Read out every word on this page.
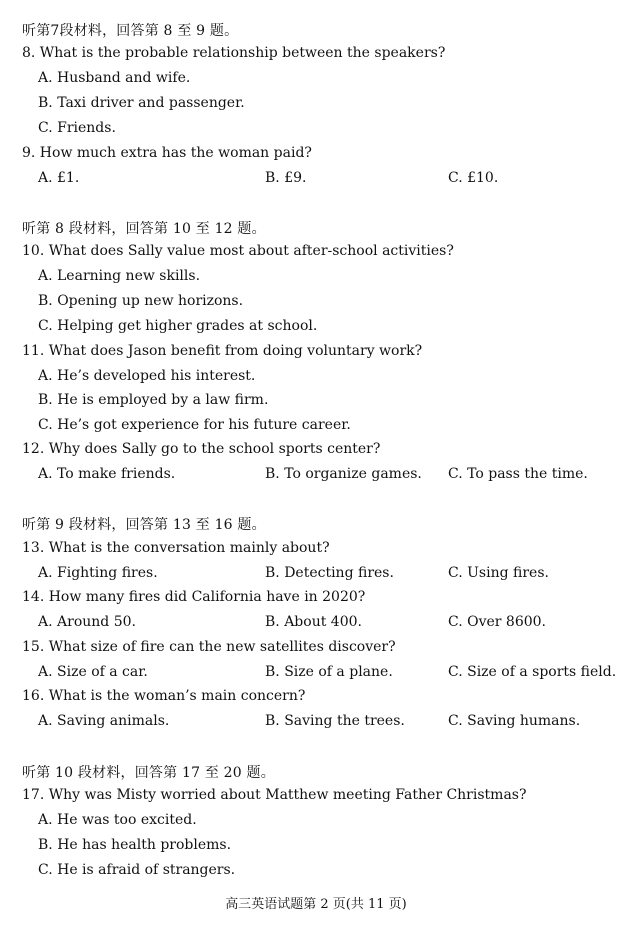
听第7段材料，回答第 8 至 9 题。
8. What is the probable relationship between the speakers?
A. Husband and wife.
B. Taxi driver and passenger.
C. Friends.
9. How much extra has the woman paid?
A. £1.	B. £9.	C. £10.
听第 8 段材料，回答第 10 至 12 题。
10. What does Sally value most about after-school activities?
A. Learning new skills.
B. Opening up new horizons.
C. Helping get higher grades at school.
11. What does Jason benefit from doing voluntary work?
A. He’s developed his interest.
B. He is employed by a law firm.
C. He’s got experience for his future career.
12. Why does Sally go to the school sports center?
A. To make friends.	B. To organize games. C. To pass the time.
听第 9 段材料，回答第 13 至 16 题。
13. What is the conversation mainly about?
A. Fighting fires.	B. Detecting fires.	C. Using fires.
14. How many fires did California have in 2020?
A. Around 50.	B. About 400.	C. Over 8600.
15. What size of fire can the new satellites discover?
A. Size of a car.	B. Size of a plane.	C. Size of a sports field.
16. What is the woman’s main concern?
A. Saving animals.	B. Saving the trees.	C. Saving humans.
听第 10 段材料，回答第 17 至 20 题。
17. Why was Misty worried about Matthew meeting Father Christmas?
A. He was too excited.
B. He has health problems.
C. He is afraid of strangers.
高三英语试题第 2 页(共 11 页)
